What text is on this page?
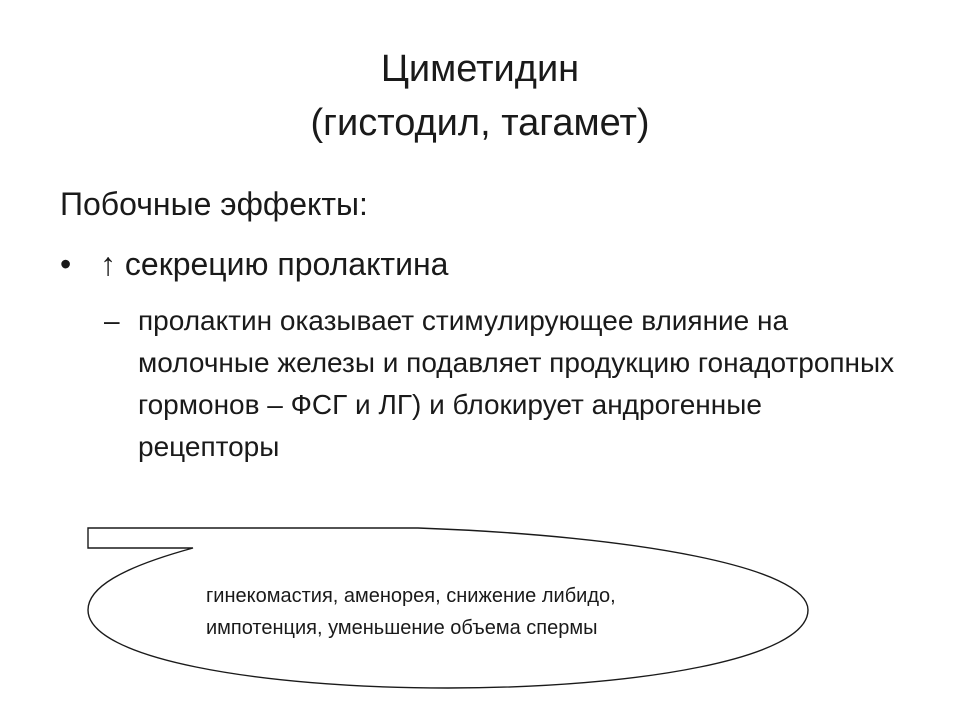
Циметидин
(гистодил, тагамет)
Побочные эффекты:
• ↑ секрецию пролактина
– пролактин оказывает стимулирующее влияние на молочные железы и подавляет продукцию гонадотропных гормонов – ФСГ и ЛГ) и блокирует андрогенные рецепторы
гинекомастия, аменорея, снижение либидо,
импотенция, уменьшение объема спермы
